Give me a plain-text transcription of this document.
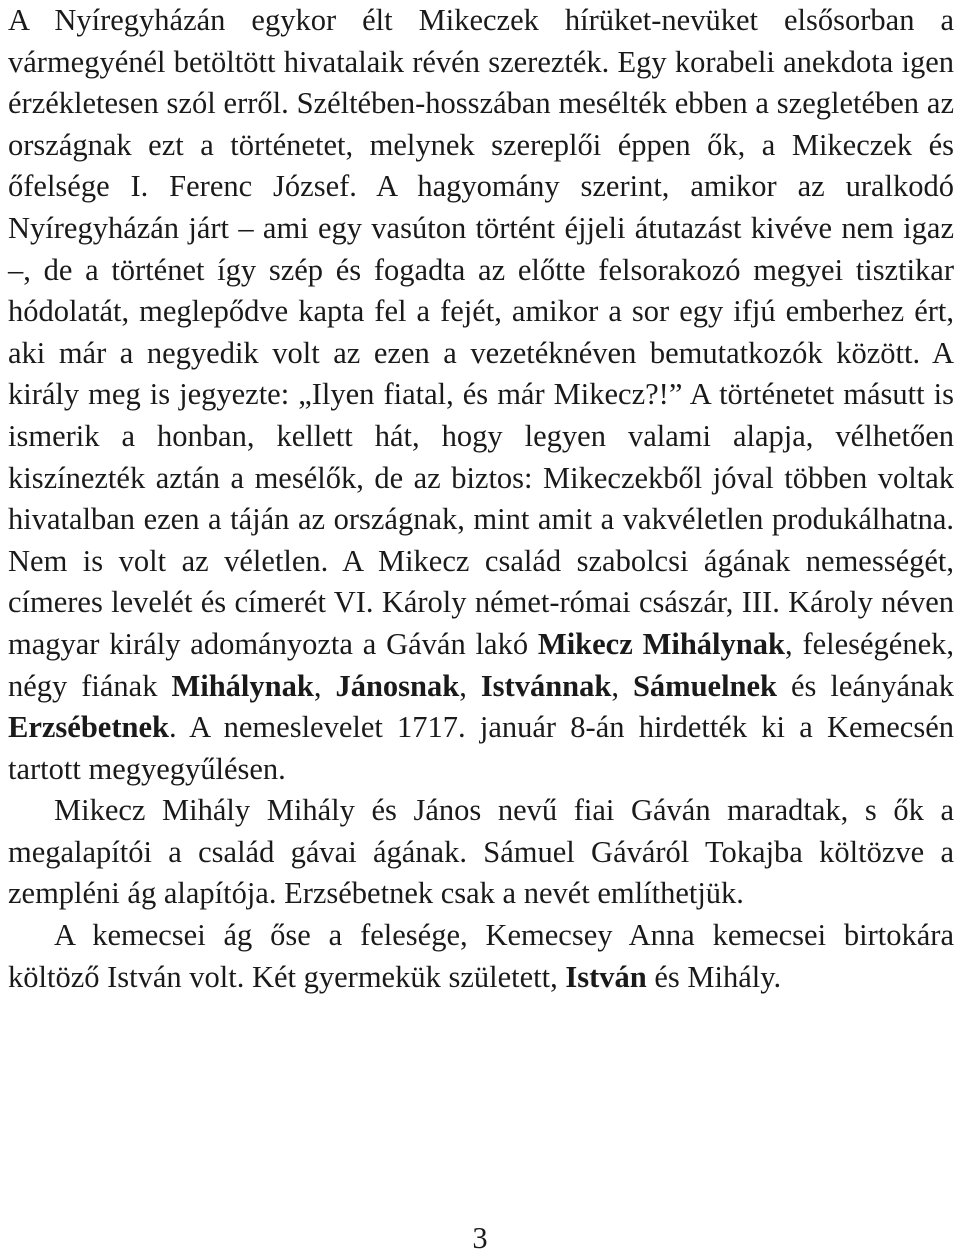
A Nyíregyházán egykor élt Mikeczek hírüket-nevüket elsősorban a vármegyénél betöltött hivatalaik révén szerezték. Egy korabeli anekdota igen érzékletesen szól erről. Széltében-hosszában mesélték ebben a szegletében az országnak ezt a történetet, melynek szereplői éppen ők, a Mikeczek és őfelsége I. Ferenc József. A hagyomány szerint, amikor az uralkodó Nyíregyházán járt – ami egy vasúton történt éjjeli átutazást kivéve nem igaz –, de a történet így szép és fogadta az előtte felsorakozó megyei tisztikar hódolatát, meglepődve kapta fel a fejét, amikor a sor egy ifjú emberhez ért, aki már a negyedik volt az ezen a vezetéknéven bemutatkozók között. A király meg is jegyezte: „Ilyen fiatal, és már Mikecz?!” A történetet másutt is ismerik a honban, kellett hát, hogy legyen valami alapja, vélhetően kiszínezték aztán a mesélők, de az biztos: Mikeczekből jóval többen voltak hivatalban ezen a táján az országnak, mint amit a vakvéletlen produkálhatna. Nem is volt az véletlen. A Mikecz család szabolcsi ágának nemességét, címeres levelét és címerét VI. Károly német-római császár, III. Károly néven magyar király adományozta a Gáván lakó Mikecz Mihálynak, feleségének, négy fiának Mihálynak, Jánosnak, Istvánnak, Sámuelnek és leányának Erzsébetnek. A nemeslevelet 1717. január 8-án hirdették ki a Kemecsén tartott megyegyűlésen.

Mikecz Mihály Mihály és János nevű fiai Gáván maradtak, s ők a megalapítói a család gávai ágának. Sámuel Gáváról Tokajba költözve a zempléni ág alapítója. Erzsébetnek csak a nevét említhetjük.

A kemecsei ág őse a felesége, Kemecsey Anna kemecsei birtokára költöző István volt. Két gyermekük született, István és Mihály.

3
